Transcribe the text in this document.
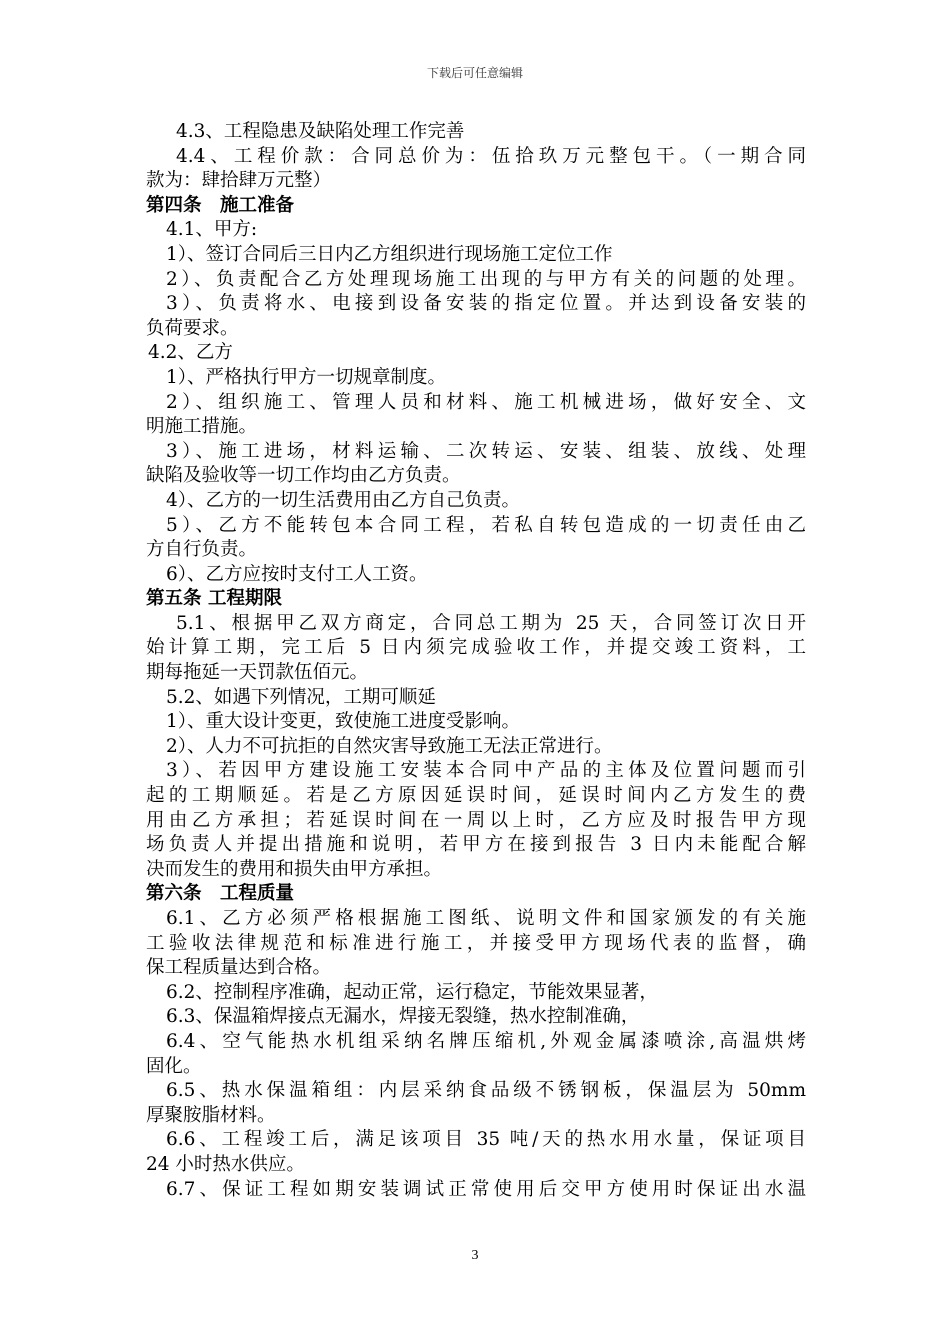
下载后可任意编辑
4.3、工程隐患及缺陷处理工作完善
4.4、工程价款：合同总价为：伍拾玖万元整包干。（一期合同
款为：肆拾肆万元整）
第四条　施工准备
4.1、甲方:
1）、签订合同后三日内乙方组织进行现场施工定位工作
2）、负责配合乙方处理现场施工出现的与甲方有关的问题的处理。
3）、负责将水、电接到设备安装的指定位置。并达到设备安装的
负荷要求。
4.2、乙方
1）、严格执行甲方一切规章制度。
2）、组织施工、管理人员和材料、施工机械进场，做好安全、文
明施工措施。
3）、施工进场，材料运输、二次转运、安装、组装、放线、处理
缺陷及验收等一切工作均由乙方负责。
4）、乙方的一切生活费用由乙方自己负责。
5）、乙方不能转包本合同工程，若私自转包造成的一切责任由乙
方自行负责。
6）、乙方应按时支付工人工资。
第五条 工程期限
5.1、根据甲乙双方商定，合同总工期为 25 天，合同签订次日开
始计算工期，完工后 5 日内须完成验收工作，并提交竣工资料，工
期每拖延一天罚款伍佰元。
5.2、如遇下列情况，工期可顺延
1）、重大设计变更，致使施工进度受影响。
2）、人力不可抗拒的自然灾害导致施工无法正常进行。
3）、若因甲方建设施工安装本合同中产品的主体及位置问题而引
起的工期顺延。若是乙方原因延误时间，延误时间内乙方发生的费
用由乙方承担；若延误时间在一周以上时，乙方应及时报告甲方现
场负责人并提出措施和说明，若甲方在接到报告 3 日内未能配合解
决而发生的费用和损失由甲方承担。
第六条　工程质量
6.1、乙方必须严格根据施工图纸、说明文件和国家颁发的有关施
工验收法律规范和标准进行施工，并接受甲方现场代表的监督，确
保工程质量达到合格。
6.2、控制程序准确，起动正常，运行稳定，节能效果显著，
6.3、保温箱焊接点无漏水，焊接无裂缝，热水控制准确，
6.4、空气能热水机组采纳名牌压缩机,外观金属漆喷涂,高温烘烤
固化。
6.5、热水保温箱组：内层采纳食品级不锈钢板，保温层为 50mm
厚聚胺脂材料。
6.6、工程竣工后，满足该项目 35 吨/天的热水用水量，保证项目
24 小时热水供应。
6.7、保证工程如期安装调试正常使用后交甲方使用时保证出水温
3
